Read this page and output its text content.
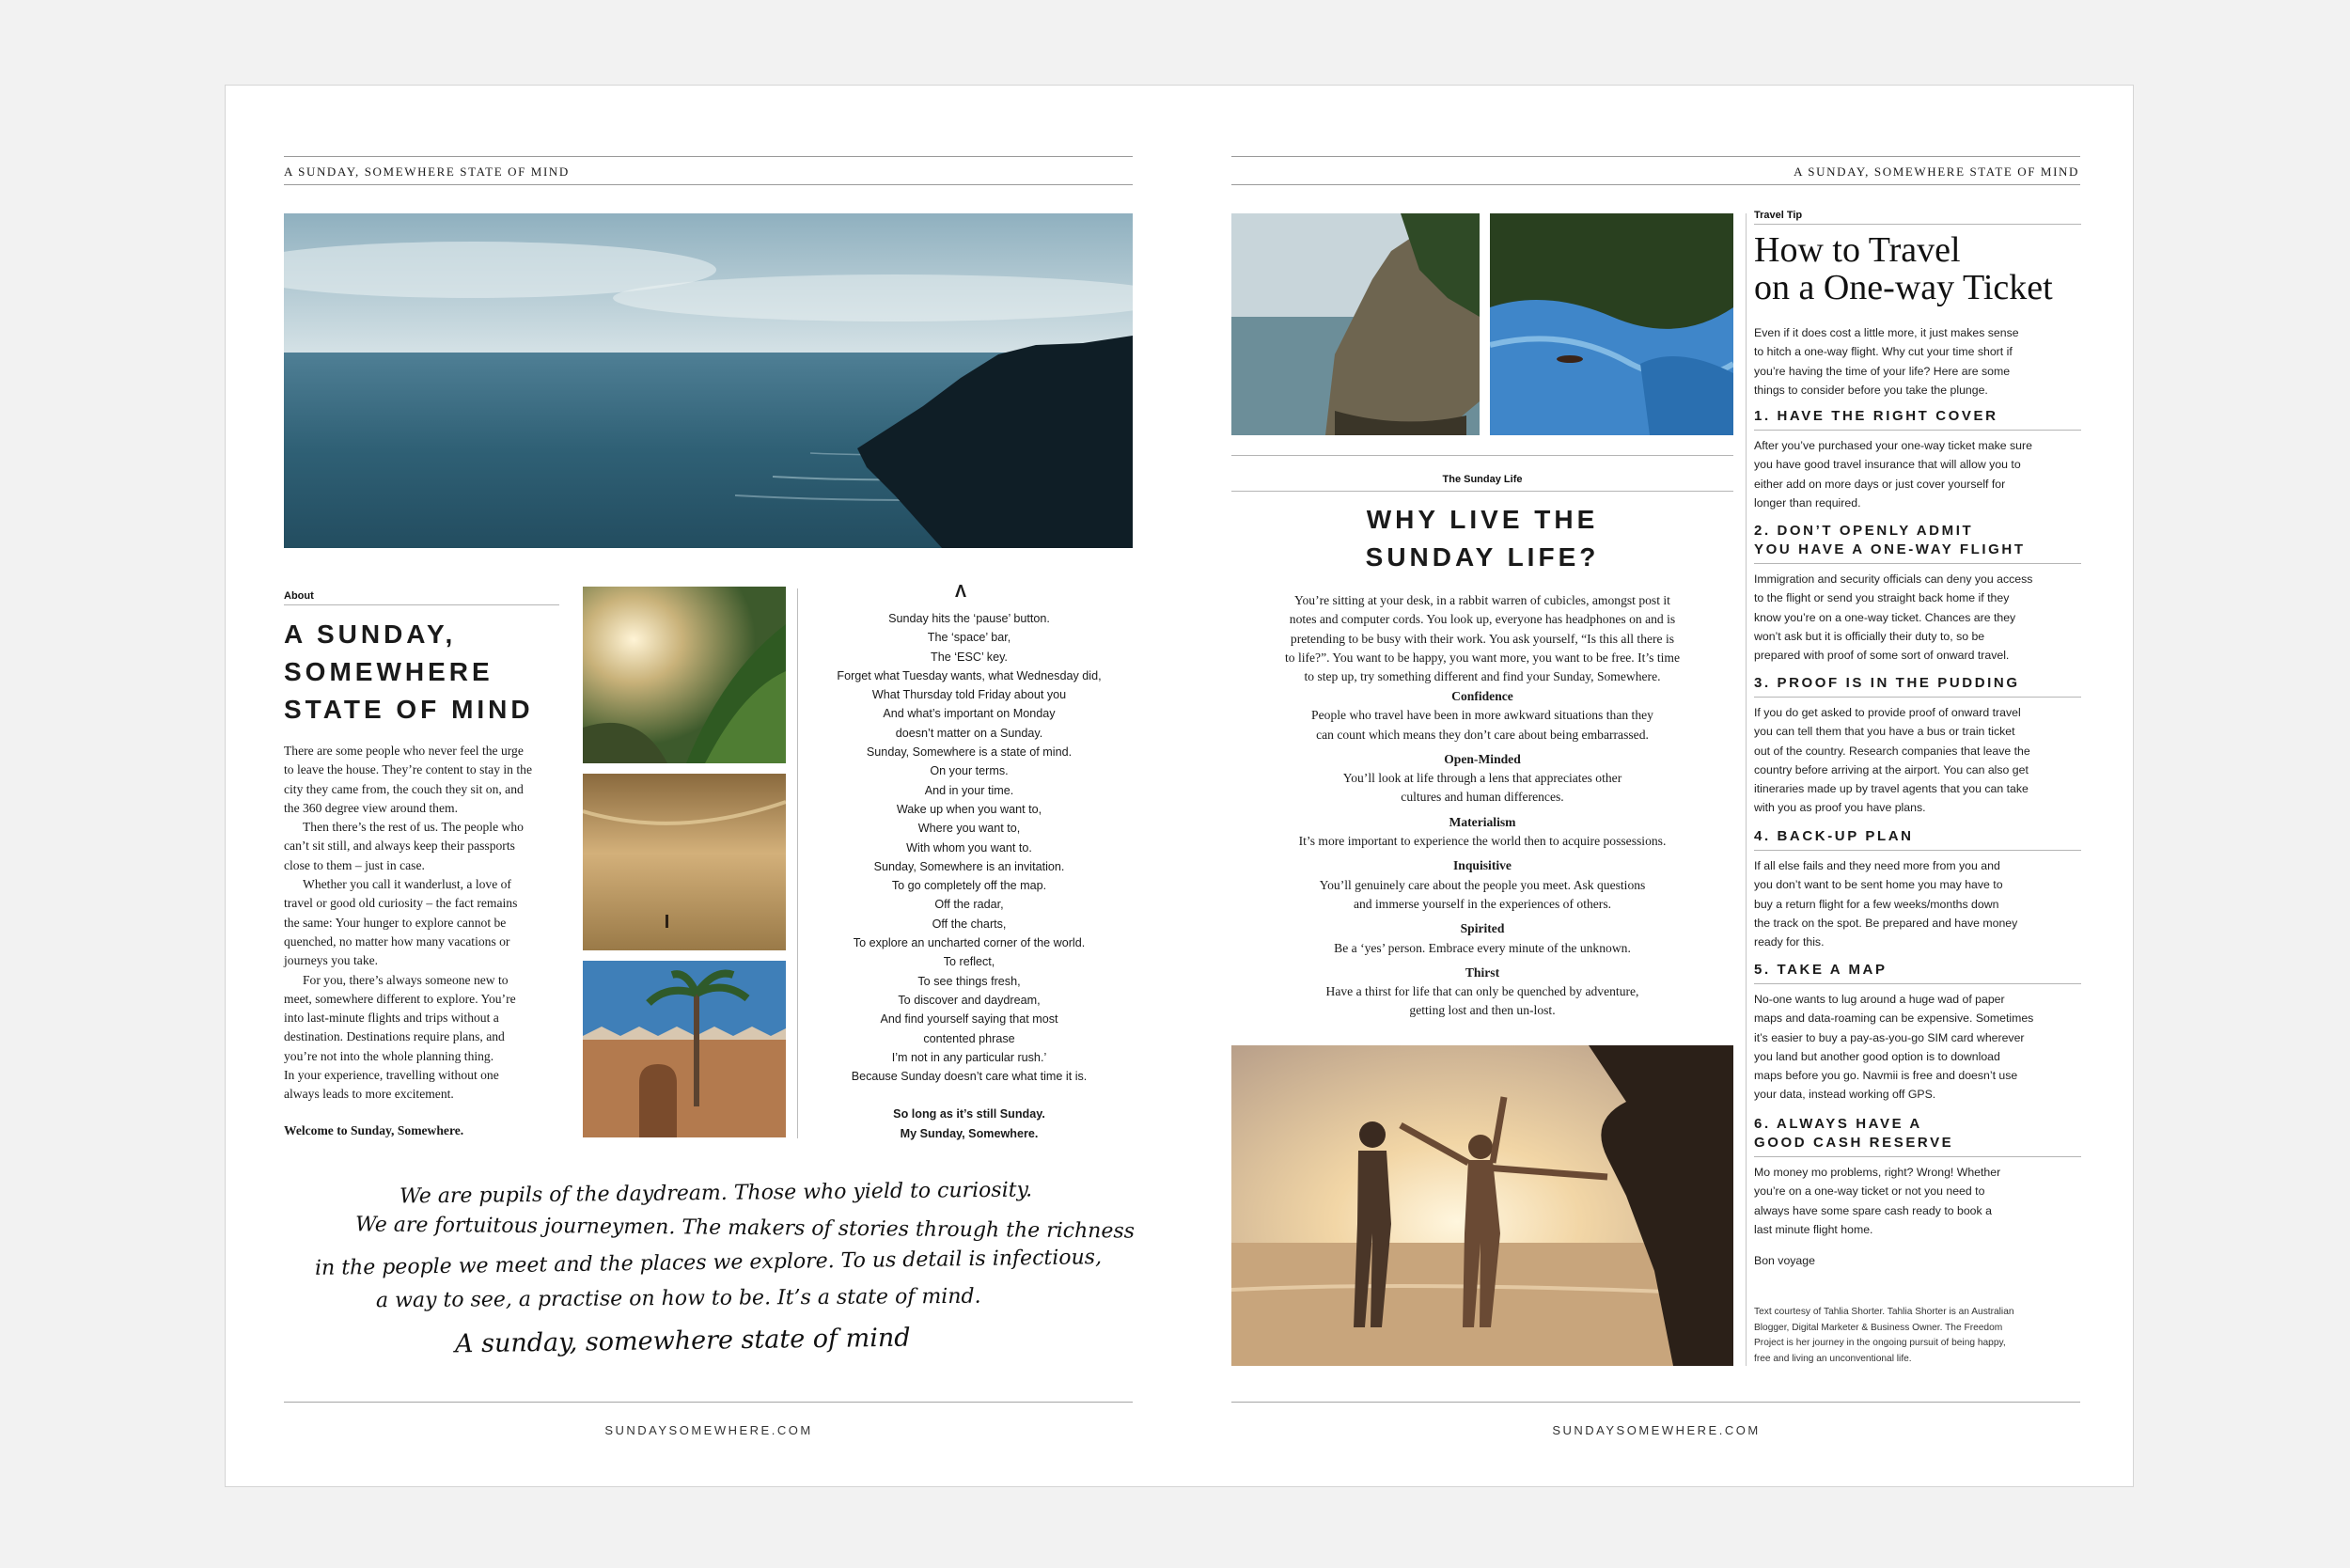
A SUNDAY, SOMEWHERE STATE OF MIND
About
A SUNDAY,
SOMEWHERE
STATE OF MIND
There are some people who never feel the urge
to leave the house. They’re content to stay in the
city they came from, the couch they sit on, and
the 360 degree view around them.
Then there’s the rest of us. The people who
can’t sit still, and always keep their passports
close to them – just in case.
Whether you call it wanderlust, a love of
travel or good old curiosity – the fact remains
the same: Your hunger to explore cannot be
quenched, no matter how many vacations or
journeys you take.
For you, there’s always someone new to
meet, somewhere different to explore. You’re
into last-minute flights and trips without a
destination. Destinations require plans, and
you’re not into the whole planning thing.
In your experience, travelling without one
always leads to more excitement.
Welcome to Sunday, Somewhere.
Λ
Sunday hits the ‘pause’ button.
The ‘space’ bar,
The ‘ESC’ key.
Forget what Tuesday wants, what Wednesday did,
What Thursday told Friday about you
And what’s important on Monday
doesn’t matter on a Sunday.
Sunday, Somewhere is a state of mind.
On your terms.
And in your time.
Wake up when you want to,
Where you want to,
With whom you want to.
Sunday, Somewhere is an invitation.
To go completely off the map.
Off the radar,
Off the charts,
To explore an uncharted corner of the world.
To reflect,
To see things fresh,
To discover and daydream,
And find yourself saying that most
contented phrase
I’m not in any particular rush.’
Because Sunday doesn’t care what time it is.
So long as it’s still Sunday.
My Sunday, Somewhere.
We are pupils of the daydream. Those who yield to curiosity.
We are fortuitous journeymen. The makers of stories through the richness
in the people we meet and the places we explore. To us detail is infectious,
a way to see, a practise on how to be. It’s a state of mind.
A sunday, somewhere state of mind
SUNDAYSOMEWHERE.COM
A SUNDAY, SOMEWHERE STATE OF MIND
The Sunday Life
WHY LIVE THE
SUNDAY LIFE?
You’re sitting at your desk, in a rabbit warren of cubicles, amongst post it
notes and computer cords. You look up, everyone has headphones on and is
pretending to be busy with their work. You ask yourself, “Is this all there is
to life?”. You want to be happy, you want more, you want to be free. It’s time
to step up, try something different and find your Sunday, Somewhere.
Confidence
People who travel have been in more awkward situations than they
can count which means they don’t care about being embarrassed.
Open-Minded
You’ll look at life through a lens that appreciates other
cultures and human differences.
Materialism
It’s more important to experience the world then to acquire possessions.
Inquisitive
You’ll genuinely care about the people you meet. Ask questions
and immerse yourself in the experiences of others.
Spirited
Be a ‘yes’ person. Embrace every minute of the unknown.
Thirst
Have a thirst for life that can only be quenched by adventure,
getting lost and then un-lost.
Travel Tip
How to Travel
on a One-way Ticket
Even if it does cost a little more, it just makes sense
to hitch a one-way flight. Why cut your time short if
you’re having the time of your life? Here are some
things to consider before you take the plunge.
1. HAVE THE RIGHT COVER
After you’ve purchased your one-way ticket make sure
you have good travel insurance that will allow you to
either add on more days or just cover yourself for
longer than required.
2. DON’T OPENLY ADMIT
YOU HAVE A ONE-WAY FLIGHT
Immigration and security officials can deny you access
to the flight or send you straight back home if they
know you’re on a one-way ticket. Chances are they
won’t ask but it is officially their duty to, so be
prepared with proof of some sort of onward travel.
3. PROOF IS IN THE PUDDING
If you do get asked to provide proof of onward travel
you can tell them that you have a bus or train ticket
out of the country. Research companies that leave the
country before arriving at the airport. You can also get
itineraries made up by travel agents that you can take
with you as proof you have plans.
4. BACK-UP PLAN
If all else fails and they need more from you and
you don’t want to be sent home you may have to
buy a return flight for a few weeks/months down
the track on the spot. Be prepared and have money
ready for this.
5. TAKE A MAP
No-one wants to lug around a huge wad of paper
maps and data-roaming can be expensive. Sometimes
it’s easier to buy a pay-as-you-go SIM card wherever
you land but another good option is to download
maps before you go. Navmii is free and doesn’t use
your data, instead working off GPS.
6. ALWAYS HAVE A
GOOD CASH RESERVE
Mo money mo problems, right? Wrong! Whether
you’re on a one-way ticket or not you need to
always have some spare cash ready to book a
last minute flight home.
Bon voyage
Text courtesy of Tahlia Shorter. Tahlia Shorter is an Australian
Blogger, Digital Marketer & Business Owner. The Freedom
Project is her journey in the ongoing pursuit of being happy,
free and living an unconventional life.
SUNDAYSOMEWHERE.COM
